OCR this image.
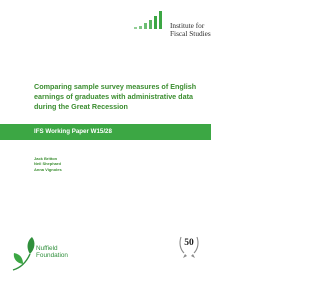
Institute for
Fiscal Studies
Comparing sample survey measures of English
earnings of graduates with administrative data
during the Great Recession
IFS Working Paper W15/28
Jack Britton
Neil Shephard
Anna Vignoles
Nuffield
Foundation
50
